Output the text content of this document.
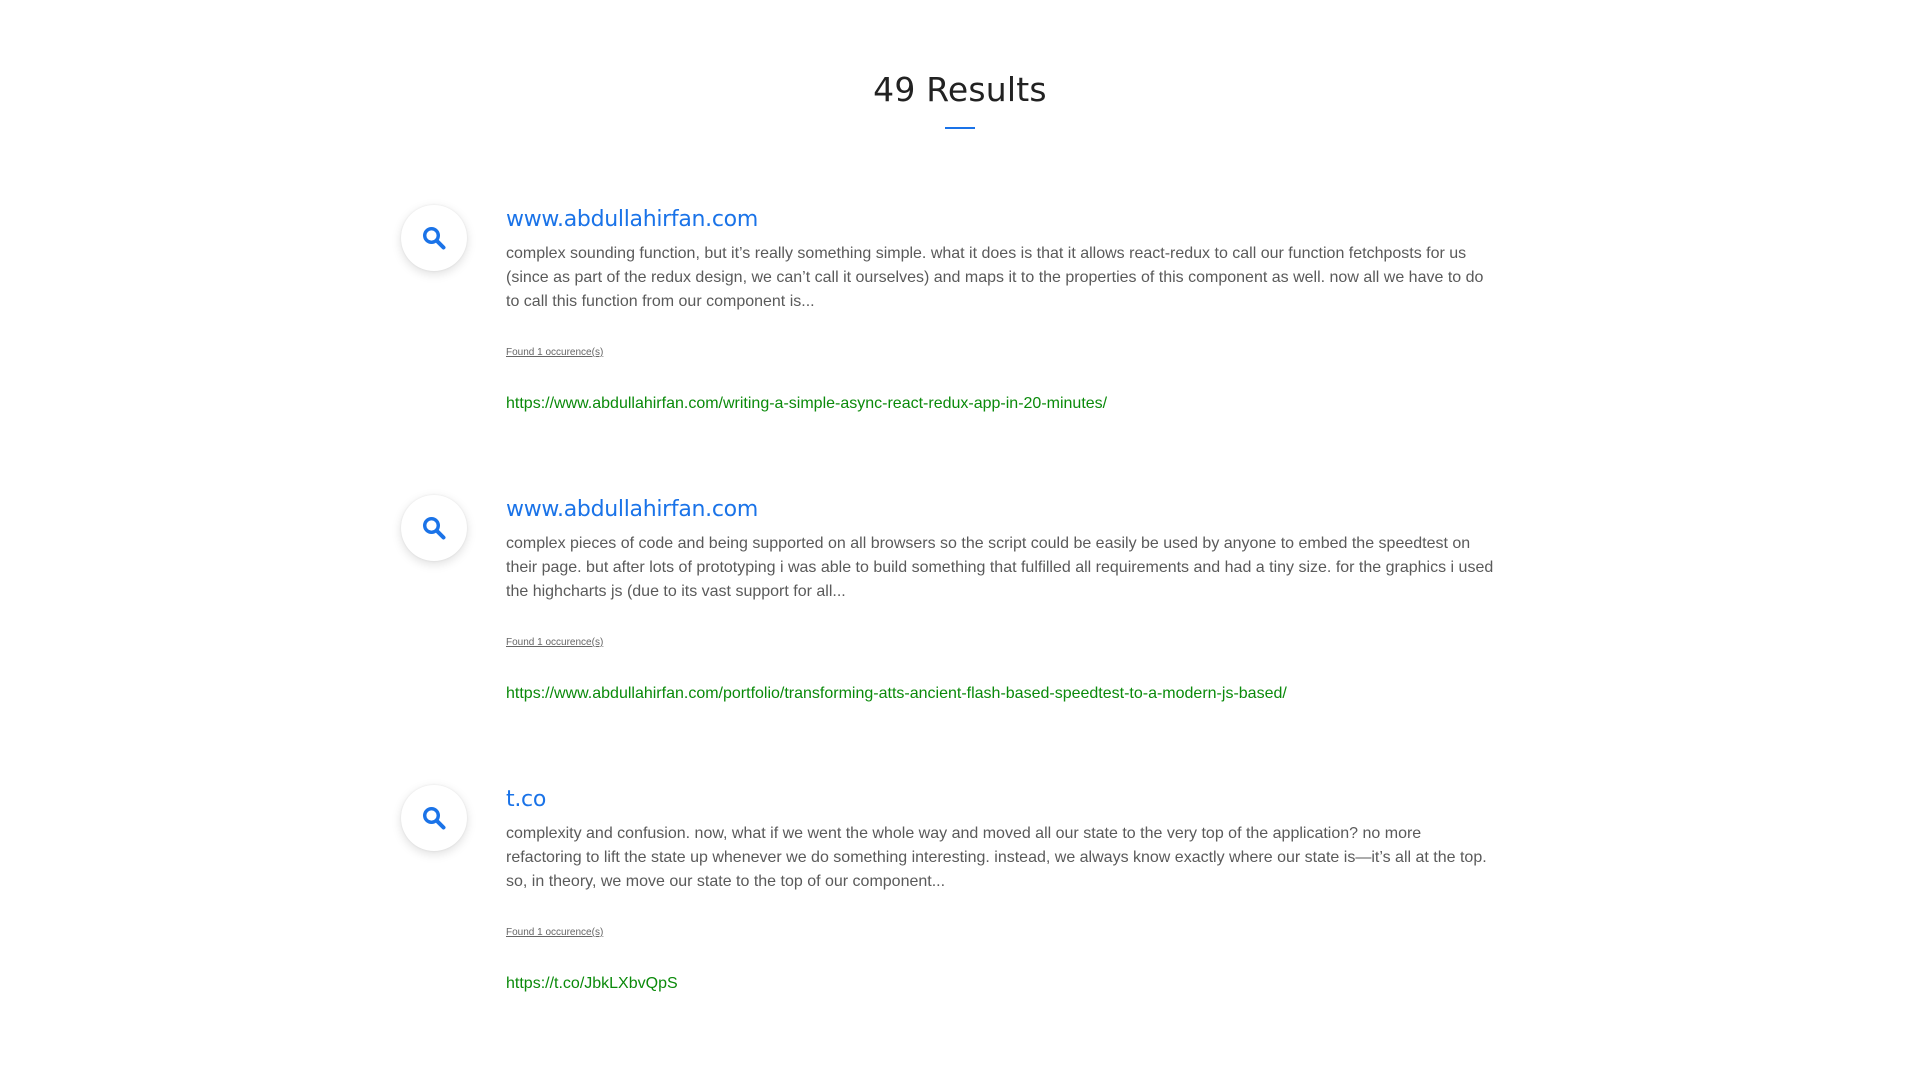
49 Results
www.abdullahirfan.com

complex sounding function, but it’s really something simple. what it does is that it allows react-redux to call our function fetchposts for us (since as part of the redux design, we can’t call it ourselves) and maps it to the properties of this component as well. now all we have to do to call this function from our component is...

Found 1 occurence(s)
https://www.abdullahirfan.com/writing-a-simple-async-react-redux-app-in-20-minutes/
www.abdullahirfan.com

complex pieces of code and being supported on all browsers so the script could be easily be used by anyone to embed the speedtest on their page. but after lots of prototyping i was able to build something that fulfilled all requirements and had a tiny size. for the graphics i used the highcharts js (due to its vast support for all...

Found 1 occurence(s)
https://www.abdullahirfan.com/portfolio/transforming-atts-ancient-flash-based-speedtest-to-a-modern-js-based/
t.co

complexity and confusion. now, what if we went the whole way and moved all our state to the very top of the application? no more refactoring to lift the state up whenever we do something interesting. instead, we always know exactly where our state is—it’s all at the top. so, in theory, we move our state to the top of our component...

Found 1 occurence(s)
https://t.co/JbkLXbvQpS
